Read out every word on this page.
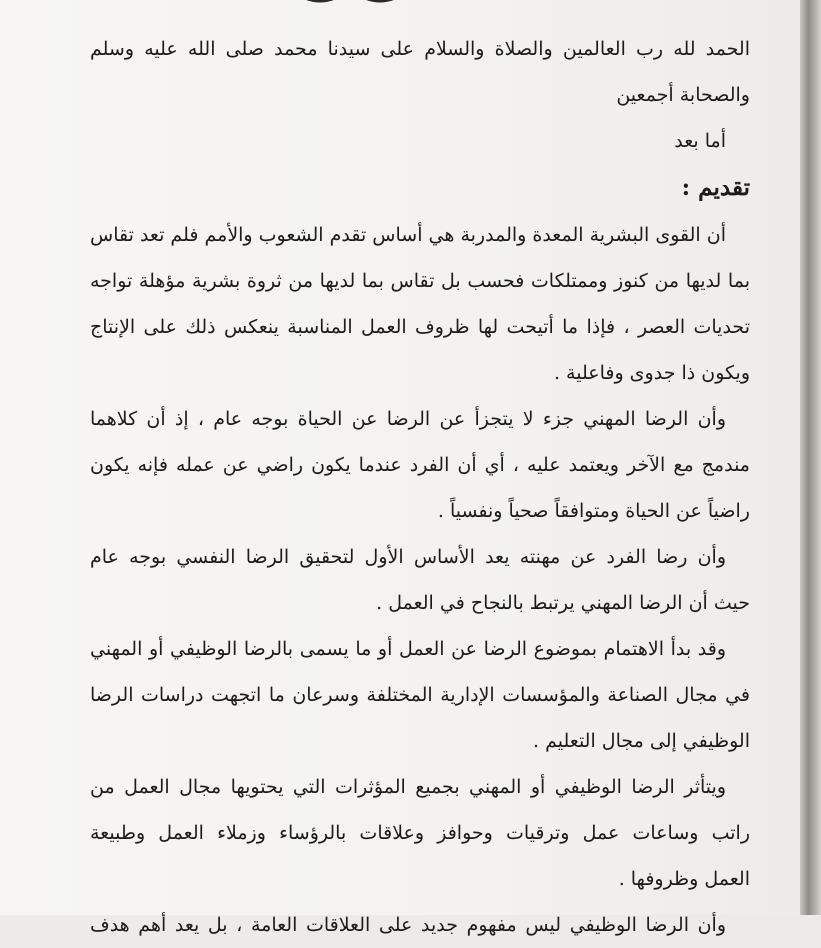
الحمد لله رب العالمين والصلاة والسلام على سيدنا محمد صلى الله عليه وسلم
والصحابة أجمعين
أما بعد
تقديم :
أن القوى البشرية المعدة والمدربة هي أساس تقدم الشعوب والأمم فلم تعد تقاس
بما لديها من كنوز وممتلكات فحسب بل تقاس بما لديها من ثروة بشرية مؤهلة تواجه
تحديات العصر ، فإذا ما أتيحت لها ظروف العمل المناسبة ينعكس ذلك على الإنتاج
ويكون ذا جدوى وفاعلية .
وأن الرضا المهني جزء لا يتجزأ عن الرضا عن الحياة بوجه عام ، إذ أن كلاهما
مندمج مع الآخر ويعتمد عليه ، أي أن الفرد عندما يكون راضي عن عمله فإنه يكون
راضياً عن الحياة ومتوافقاً صحياً ونفسياً .
وأن رضا الفرد عن مهنته يعد الأساس الأول لتحقيق الرضا النفسي بوجه عام
حيث أن الرضا المهني يرتبط بالنجاح في العمل .
وقد بدأ الاهتمام بموضوع الرضا عن العمل أو ما يسمى بالرضا الوظيفي أو المهني
في مجال الصناعة والمؤسسات الإدارية المختلفة وسرعان ما اتجهت دراسات الرضا
الوظيفي إلى مجال التعليم .
ويتأثر الرضا الوظيفي أو المهني بجميع المؤثرات التي يحتويها مجال العمل من
راتب وساعات عمل وترقيات وحوافز وعلاقات بالرؤساء وزملاء العمل وطبيعة
العمل وظروفها .
وأن الرضا الوظيفي ليس مفهوم جديد على العلاقات العامة ، بل يعد أهم هدف
